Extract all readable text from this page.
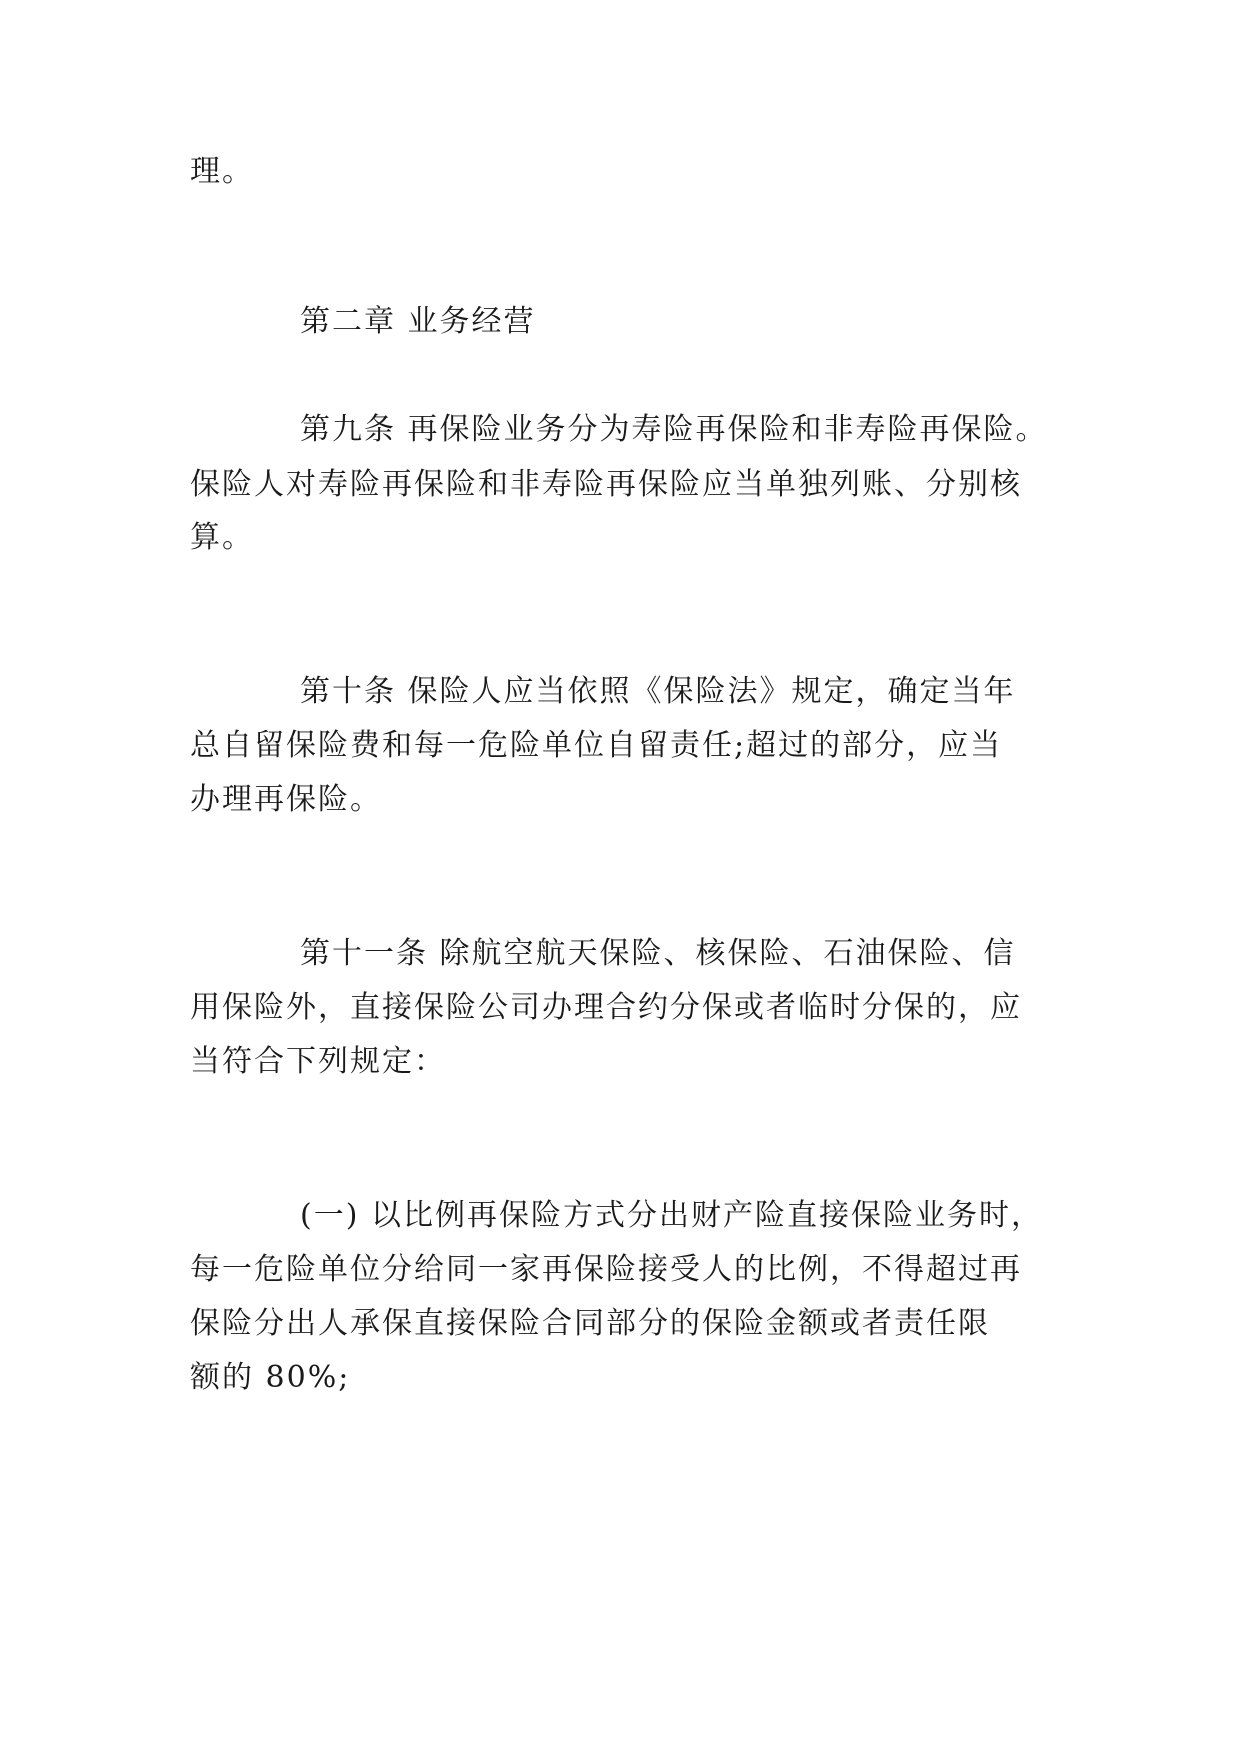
理。
第二章 业务经营
第九条 再保险业务分为寿险再保险和非寿险再保险。
保险人对寿险再保险和非寿险再保险应当单独列账、分别核
算。
第十条 保险人应当依照《保险法》规定，确定当年
总自留保险费和每一危险单位自留责任;超过的部分，应当
办理再保险。
第十一条 除航空航天保险、核保险、石油保险、信
用保险外，直接保险公司办理合约分保或者临时分保的，应
当符合下列规定：
(一) 以比例再保险方式分出财产险直接保险业务时，
每一危险单位分给同一家再保险接受人的比例，不得超过再
保险分出人承保直接保险合同部分的保险金额或者责任限
额的 80%;
